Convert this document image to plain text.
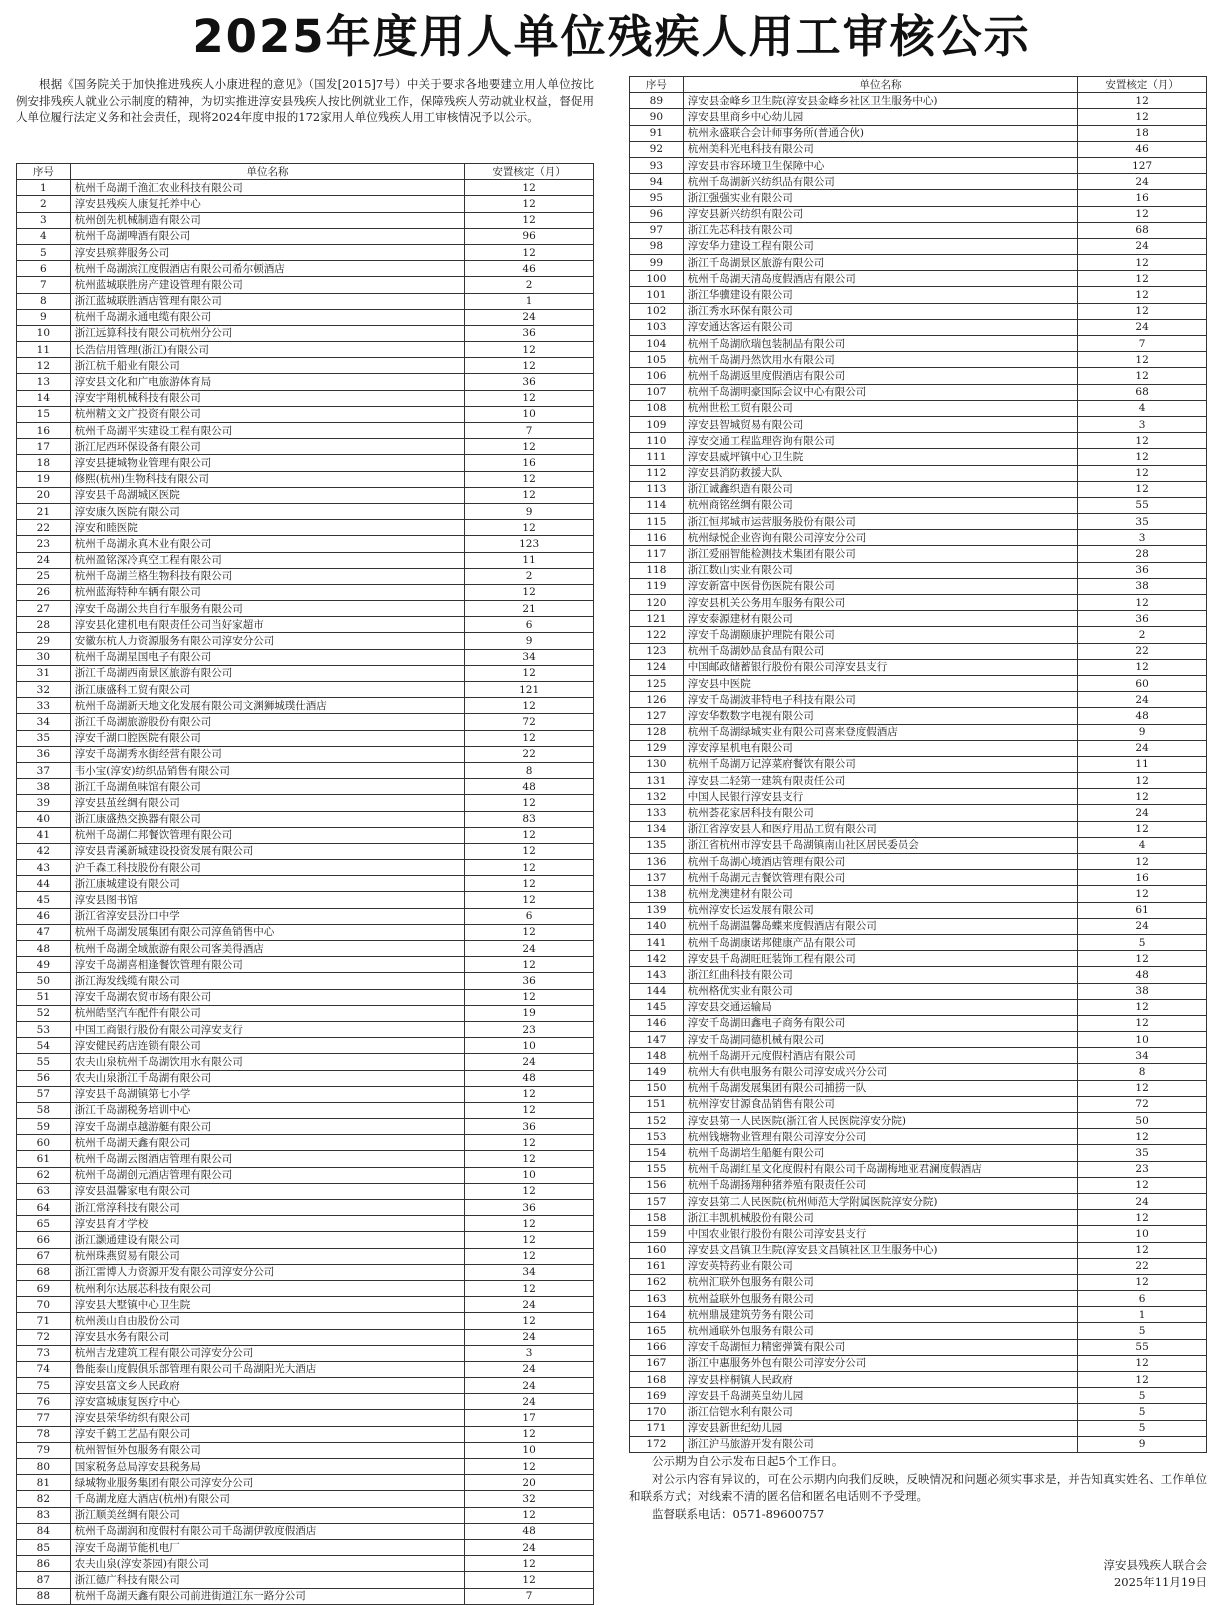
2025年度用人单位残疾人用工审核公示

根据《国务院关于加快推进残疾人小康进程的意见》（国发[2015]7号）中关于要求各地要建立用人单位按比例安排残疾人就业公示制度的精神，为切实推进淳安县残疾人按比例就业工作，保障残疾人劳动就业权益，督促用人单位履行法定义务和社会责任，现将2024年度申报的172家用人单位残疾人用工审核情况予以公示。

序号	单位名称	安置核定（月）
1	杭州千岛湖千渔汇农业科技有限公司	12
2	淳安县残疾人康复托养中心	12
3	杭州创先机械制造有限公司	12
4	杭州千岛湖啤酒有限公司	96
5	淳安县殡葬服务公司	12
6	杭州千岛湖滨江度假酒店有限公司希尔顿酒店	46
7	杭州蓝城联胜房产建设管理有限公司	2
8	浙江蓝城联胜酒店管理有限公司	1
9	杭州千岛湖永通电缆有限公司	24
10	浙江远算科技有限公司杭州分公司	36
11	长浩信用管理(浙江)有限公司	12
12	浙江杭千船业有限公司	12
13	淳安县文化和广电旅游体育局	36
14	淳安宇翔机械科技有限公司	12
15	杭州精文文广投资有限公司	10
16	杭州千岛湖平实建设工程有限公司	7
17	浙江尼西环保设备有限公司	12
18	淳安县捷城物业管理有限公司	16
19	修熙(杭州)生物科技有限公司	12
20	淳安县千岛湖城区医院	12
21	淳安康久医院有限公司	9
22	淳安和睦医院	12
23	杭州千岛湖永真木业有限公司	123
24	杭州盈铭深冷真空工程有限公司	11
25	杭州千岛湖兰格生物科技有限公司	2
26	杭州蓝海特种车辆有限公司	12
27	淳安千岛湖公共自行车服务有限公司	21
28	淳安县化建机电有限责任公司当好家超市	6
29	安徽东杭人力资源服务有限公司淳安分公司	9
30	杭州千岛湖星国电子有限公司	34
31	浙江千岛湖西南景区旅游有限公司	12
32	浙江康盛科工贸有限公司	121
33	杭州千岛湖新天地文化发展有限公司文渊狮城璞仕酒店	12
34	浙江千岛湖旅游股份有限公司	72
35	淳安千湖口腔医院有限公司	12
36	淳安千岛湖秀水街经营有限公司	22
37	韦小宝(淳安)纺织品销售有限公司	8
38	浙江千岛湖鱼味馆有限公司	48
39	淳安县茧丝绸有限公司	12
40	浙江康盛热交换器有限公司	83
41	杭州千岛湖仁邦餐饮管理有限公司	12
42	淳安县青溪新城建设投资发展有限公司	12
43	沪千森工科技股份有限公司	12
44	浙江康城建设有限公司	12
45	淳安县图书馆	12
46	浙江省淳安县汾口中学	6
47	杭州千岛湖发展集团有限公司淳鱼销售中心	12
48	杭州千岛湖全域旅游有限公司客美得酒店	24
49	淳安千岛湖喜相逢餐饮管理有限公司	12
50	浙江海发线缆有限公司	36
51	淳安千岛湖农贸市场有限公司	12
52	杭州皓坚汽车配件有限公司	19
53	中国工商银行股份有限公司淳安支行	23
54	淳安健民药店连锁有限公司	10
55	农夫山泉杭州千岛湖饮用水有限公司	24
56	农夫山泉浙江千岛湖有限公司	48
57	淳安县千岛湖镇第七小学	12
58	浙江千岛湖税务培训中心	12
59	淳安千岛湖卓越游艇有限公司	36
60	杭州千岛湖天鑫有限公司	12
61	杭州千岛湖云图酒店管理有限公司	12
62	杭州千岛湖创元酒店管理有限公司	10
63	淳安县温馨家电有限公司	12
64	浙江常淳科技有限公司	36
65	淳安县育才学校	12
66	浙江灏通建设有限公司	12
67	杭州珠燕贸易有限公司	12
68	浙江雷博人力资源开发有限公司淳安分公司	34
69	杭州利尔达展芯科技有限公司	12
70	淳安县大墅镇中心卫生院	24
71	杭州羡山自由股份公司	12
72	淳安县水务有限公司	24
73	杭州吉龙建筑工程有限公司淳安分公司	3
74	鲁能泰山度假俱乐部管理有限公司千岛湖阳光大酒店	24
75	淳安县富文乡人民政府	24
76	淳安富城康复医疗中心	24
77	淳安县荣华纺织有限公司	17
78	淳安千鹤工艺品有限公司	12
79	杭州智恒外包服务有限公司	10
80	国家税务总局淳安县税务局	12
81	绿城物业服务集团有限公司淳安分公司	20
82	千岛湖龙庭大酒店(杭州)有限公司	32
83	浙江顺美丝绸有限公司	12
84	杭州千岛湖润和度假村有限公司千岛湖伊敦度假酒店	48
85	淳安千岛湖节能机电厂	24
86	农夫山泉(淳安茶园)有限公司	12
87	浙江德广科技有限公司	12
88	杭州千岛湖天鑫有限公司前进街道江东一路分公司	7
序号	单位名称	安置核定（月）
89	淳安县金峰乡卫生院(淳安县金峰乡社区卫生服务中心)	12
90	淳安县里商乡中心幼儿园	12
91	杭州永盛联合会计师事务所(普通合伙)	18
92	杭州美科光电科技有限公司	46
93	淳安县市容环境卫生保障中心	127
94	杭州千岛湖新兴纺织品有限公司	24
95	浙江强强实业有限公司	16
96	淳安县新兴纺织有限公司	12
97	浙江先芯科技有限公司	68
98	淳安华力建设工程有限公司	24
99	浙江千岛湖景区旅游有限公司	12
100	杭州千岛湖天清岛度假酒店有限公司	12
101	浙江华骥建设有限公司	12
102	浙江秀水环保有限公司	12
103	淳安通达客运有限公司	24
104	杭州千岛湖欣瑞包装制品有限公司	7
105	杭州千岛湖丹然饮用水有限公司	12
106	杭州千岛湖返里度假酒店有限公司	12
107	杭州千岛湖明豪国际会议中心有限公司	68
108	杭州世松工贸有限公司	4
109	淳安县智城贸易有限公司	3
110	淳安交通工程监理咨询有限公司	12
111	淳安县威坪镇中心卫生院	12
112	淳安县消防救援大队	12
113	浙江诚鑫织造有限公司	12
114	杭州商铭丝绸有限公司	55
115	浙江恒邦城市运营服务股份有限公司	35
116	杭州绿悦企业咨询有限公司淳安分公司	3
117	浙江爱丽智能检测技术集团有限公司	28
118	浙江数山实业有限公司	36
119	淳安新富中医骨伤医院有限公司	38
120	淳安县机关公务用车服务有限公司	12
121	淳安泰源建材有限公司	36
122	淳安千岛湖颐康护理院有限公司	2
123	杭州千岛湖妙品食品有限公司	22
124	中国邮政储蓄银行股份有限公司淳安县支行	12
125	淳安县中医院	60
126	淳安千岛湖波菲特电子科技有限公司	24
127	淳安华数数字电视有限公司	48
128	杭州千岛湖绿城实业有限公司喜来登度假酒店	9
129	淳安淳星机电有限公司	24
130	杭州千岛湖万记淳菜府餐饮有限公司	11
131	淳安县二轻第一建筑有限责任公司	12
132	中国人民银行淳安县支行	12
133	杭州荟花家居科技有限公司	24
134	浙江省淳安县人和医疗用品工贸有限公司	12
135	浙江省杭州市淳安县千岛湖镇南山社区居民委员会	4
136	杭州千岛湖心境酒店管理有限公司	12
137	杭州千岛湖元吉餐饮管理有限公司	16
138	杭州龙澳建材有限公司	12
139	杭州淳安长运发展有限公司	61
140	杭州千岛湖温馨岛蝶来度假酒店有限公司	24
141	杭州千岛湖康诺邦健康产品有限公司	5
142	淳安县千岛湖旺旺装饰工程有限公司	12
143	浙江红曲科技有限公司	48
144	杭州格优实业有限公司	38
145	淳安县交通运输局	12
146	淳安千岛湖田鑫电子商务有限公司	12
147	淳安千岛湖同德机械有限公司	10
148	杭州千岛湖开元度假村酒店有限公司	34
149	杭州大有供电服务有限公司淳安成兴分公司	8
150	杭州千岛湖发展集团有限公司捕捞一队	12
151	杭州淳安甘源食品销售有限公司	72
152	淳安县第一人民医院(浙江省人民医院淳安分院)	50
153	杭州钱塘物业管理有限公司淳安分公司	12
154	杭州千岛湖培生船艇有限公司	35
155	杭州千岛湖红星文化度假村有限公司千岛湖梅地亚君澜度假酒店	23
156	杭州千岛湖扬翔种猪养殖有限责任公司	12
157	淳安县第二人民医院(杭州师范大学附属医院淳安分院)	24
158	浙江丰凯机械股份有限公司	12
159	中国农业银行股份有限公司淳安县支行	10
160	淳安县文昌镇卫生院(淳安县文昌镇社区卫生服务中心)	12
161	淳安英特药业有限公司	22
162	杭州汇联外包服务有限公司	12
163	杭州益联外包服务有限公司	6
164	杭州鼎晟建筑劳务有限公司	1
165	杭州通联外包服务有限公司	5
166	淳安千岛湖恒力精密弹簧有限公司	55
167	浙江中惠服务外包有限公司淳安分公司	12
168	淳安县梓桐镇人民政府	12
169	淳安县千岛湖英皇幼儿园	5
170	浙江信铠水利有限公司	5
171	淳安县新世纪幼儿园	5
172	浙江沪马旅游开发有限公司	9

公示期为自公示发布日起5个工作日。

对公示内容有异议的，可在公示期内向我们反映，反映情况和问题必须实事求是，并告知真实姓名、工作单位和联系方式；对线索不清的匿名信和匿名电话则不予受理。

监督联系电话：0571-89600757

淳安县残疾人联合会
2025年11月19日
